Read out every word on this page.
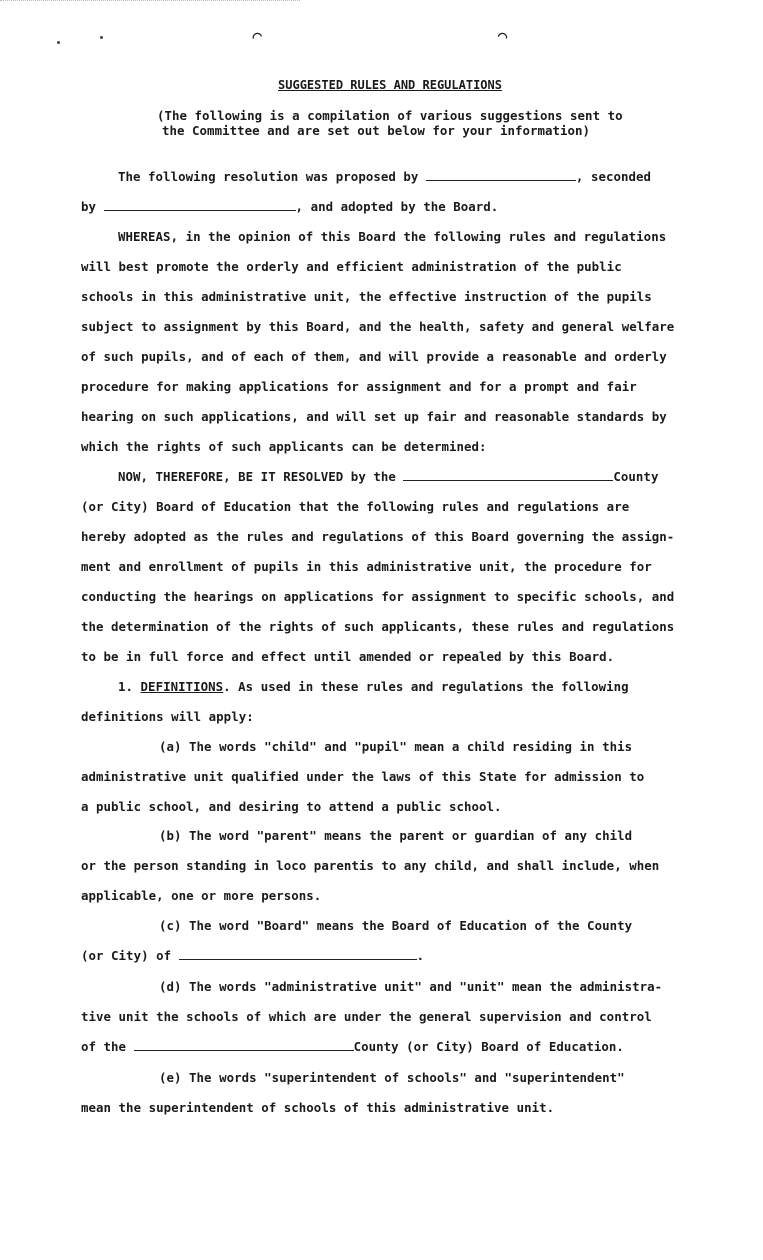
⌒	⌒
SUGGESTED RULES AND REGULATIONS
(The following is a compilation of various suggestions sent to
the Committee and are set out below for your information)
The following resolution was proposed by	, seconded
by	, and adopted by the Board.
WHEREAS, in the opinion of this Board the following rules and regulations
will best promote the orderly and efficient administration of the public
schools in this administrative unit, the effective instruction of the pupils
subject to assignment by this Board, and the health, safety and general welfare
of such pupils, and of each of them, and will provide a reasonable and orderly
procedure for making applications for assignment and for a prompt and fair
hearing on such applications, and will set up fair and reasonable standards by
which the rights of such applicants can be determined:
NOW, THEREFORE, BE IT RESOLVED by the	County
(or City) Board of Education that the following rules and regulations are
hereby adopted as the rules and regulations of this Board governing the assign-
ment and enrollment of pupils in this administrative unit, the procedure for
conducting the hearings on applications for assignment to specific schools, and
the determination of the rights of such applicants, these rules and regulations
to be in full force and effect until amended or repealed by this Board.
1. DEFINITIONS. As used in these rules and regulations the following
definitions will apply:
(a) The words "child" and "pupil" mean a child residing in this
administrative unit qualified under the laws of this State for admission to
a public school, and desiring to attend a public school.
(b) The word "parent" means the parent or guardian of any child
or the person standing in loco parentis to any child, and shall include, when
applicable, one or more persons.
(c) The word "Board" means the Board of Education of the County
(or City) of	.
(d) The words "administrative unit" and "unit" mean the administra-
tive unit the schools of which are under the general supervision and control
of the	County (or City) Board of Education.
(e) The words "superintendent of schools" and "superintendent"
mean the superintendent of schools of this administrative unit.
